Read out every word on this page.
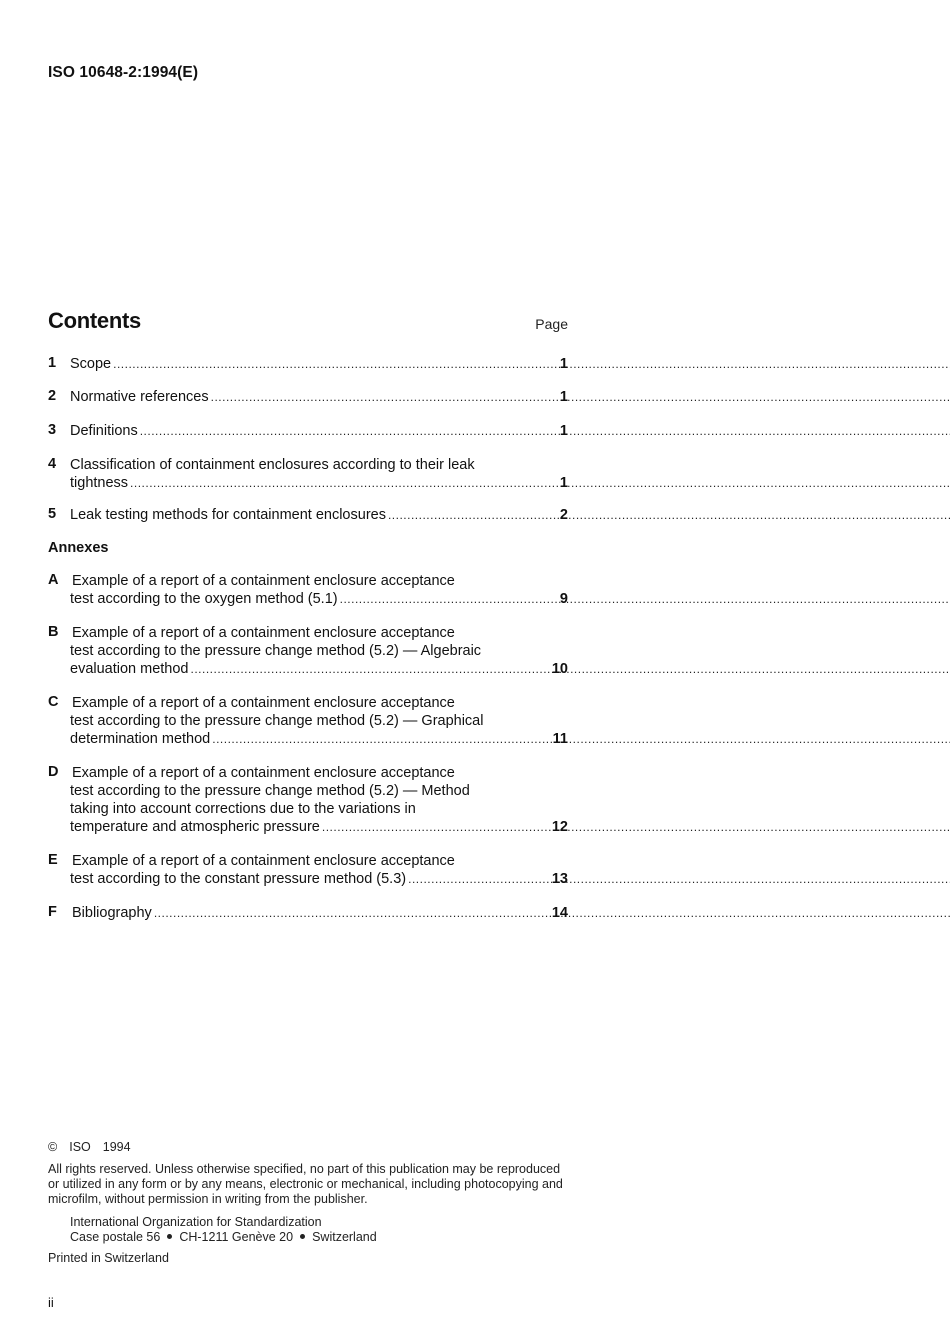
ISO 10648-2:1994(E)
Contents	Page
1 Scope .....	1
2 Normative references .....	1
3 Definitions .....	1
4 Classification of containment enclosures according to their leak
tightness .....	1
5 Leak testing methods for containment enclosures .....	2
Annexes
A Example of a report of a containment enclosure acceptance
test according to the oxygen method (5.1) .....	9
B Example of a report of a containment enclosure acceptance
test according to the pressure change method (5.2) — Algebraic
evaluation method .....	10
C Example of a report of a containment enclosure acceptance
test according to the pressure change method (5.2) — Graphical
determination method .....	11
D Example of a report of a containment enclosure acceptance
test according to the pressure change method (5.2) — Method
taking into account corrections due to the variations in
temperature and atmospheric pressure .....	12
E Example of a report of a containment enclosure acceptance
test according to the constant pressure method (5.3) .....	13
F	Bibliography .....	14
© ISO 1994
All rights reserved. Unless otherwise specified, no part of this publication may be reproduced
or utilized in any form or by any means, electronic or mechanical, including photocopying and
microfilm, without permission in writing from the publisher.
International Organization for Standardization
Case postale 56 CH-1211 Genève 20 Switzerland
Printed in Switzerland
ii
